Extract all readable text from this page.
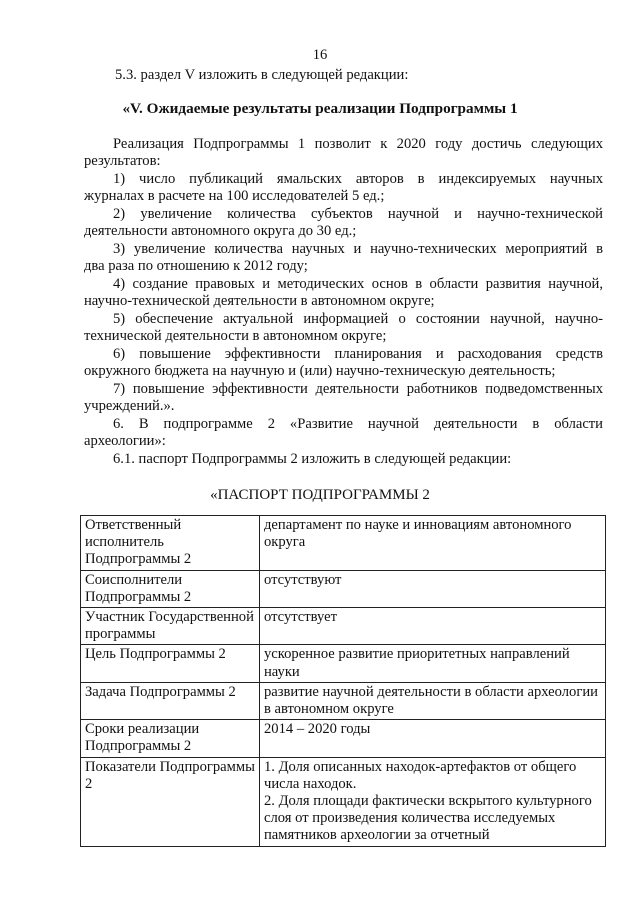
16
5.3. раздел V изложить в следующей редакции:
«V. Ожидаемые результаты реализации Подпрограммы 1
Реализация Подпрограммы 1 позволит к 2020 году достичь следующих
результатов:
1) число публикаций ямальских авторов в индексируемых научных
журналах в расчете на 100 исследователей 5 ед.;
2) увеличение количества субъектов научной и научно-технической
деятельности автономного округа до 30 ед.;
3) увеличение количества научных и научно-технических мероприятий в
два раза по отношению к 2012 году;
4) создание правовых и методических основ в области развития научной,
научно-технической деятельности в автономном округе;
5) обеспечение актуальной информацией о состоянии научной, научно-
технической деятельности в автономном округе;
6) повышение эффективности планирования и расходования средств
окружного бюджета на научную и (или) научно-техническую деятельность;
7) повышение эффективности деятельности работников подведомственных
учреждений.».
6. В подпрограмме 2 «Развитие научной деятельности в области
археологии»:
6.1. паспорт Подпрограммы 2 изложить в следующей редакции:
«ПАСПОРТ ПОДПРОГРАММЫ 2
Ответственный исполнитель Подпрограммы 2	департамент по науке и инновациям автономного округа
Соисполнители Подпрограммы 2	отсутствуют
Участник Государственной программы	отсутствует
Цель Подпрограммы 2	ускоренное развитие приоритетных направлений науки
Задача Подпрограммы 2	развитие научной деятельности в области археологии в автономном округе
Сроки реализации Подпрограммы 2	2014 – 2020 годы
Показатели Подпрограммы 2	1. Доля описанных находок-артефактов от общего числа находок.
2. Доля площади фактически вскрытого культурного слоя от произведения количества исследуемых памятников археологии за отчетный
